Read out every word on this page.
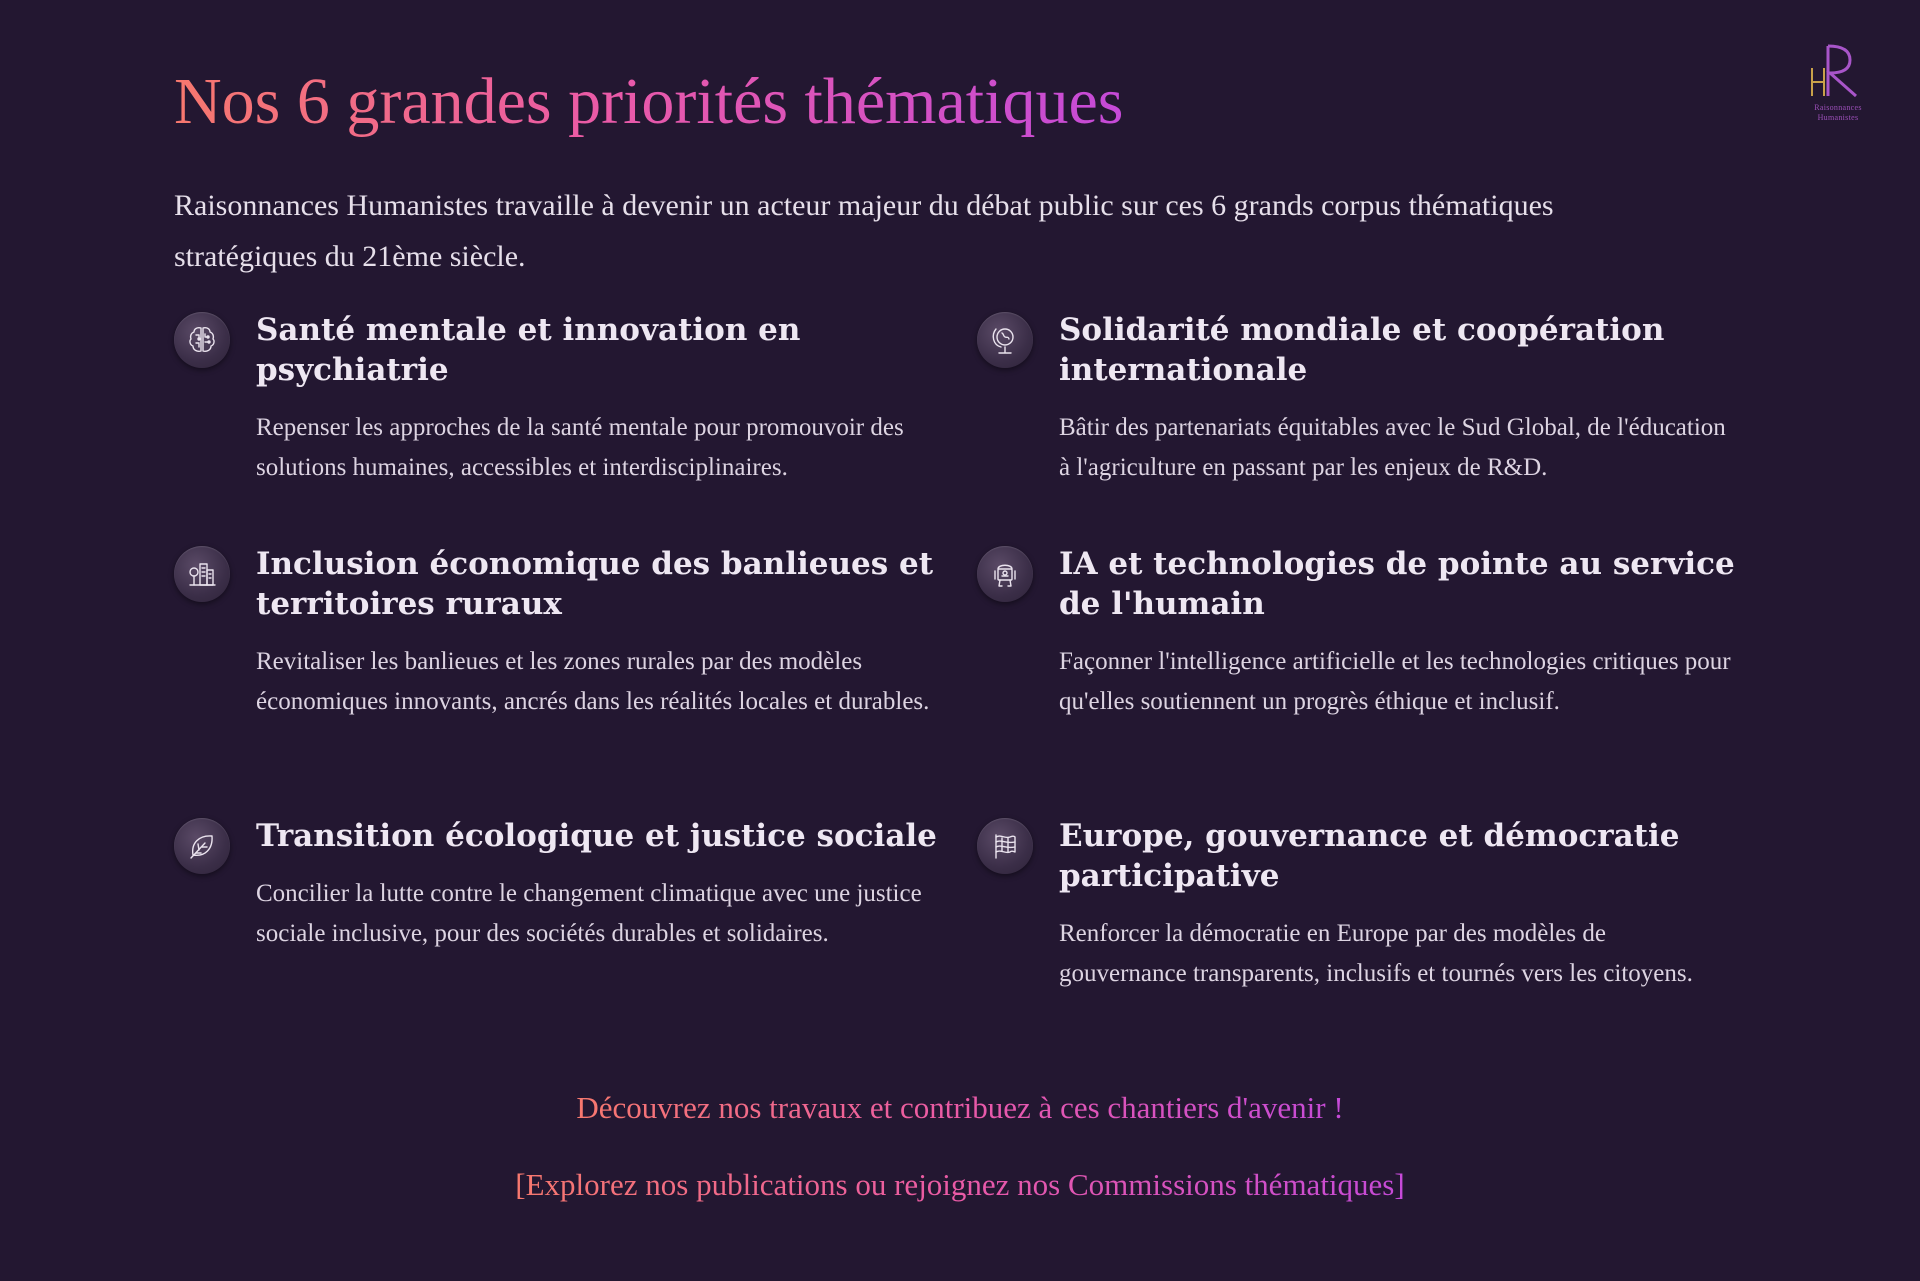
Raisonnances
Humanistes
Nos 6 grandes priorités thématiques
Raisonnances Humanistes travaille à devenir un acteur majeur du débat public sur ces 6 grands corpus thématiques stratégiques du 21ème siècle.
Santé mentale et innovation en psychiatrie
Repenser les approches de la santé mentale pour promouvoir des solutions humaines, accessibles et interdisciplinaires.
Solidarité mondiale et coopération internationale
Bâtir des partenariats équitables avec le Sud Global, de l'éducation à l'agriculture en passant par les enjeux de R&D.
Inclusion économique des banlieues et territoires ruraux
Revitaliser les banlieues et les zones rurales par des modèles économiques innovants, ancrés dans les réalités locales et durables.
IA et technologies de pointe au service de l'humain
Façonner l'intelligence artificielle et les technologies critiques pour qu'elles soutiennent un progrès éthique et inclusif.
Transition écologique et justice sociale
Concilier la lutte contre le changement climatique avec une justice sociale inclusive, pour des sociétés durables et solidaires.
Europe, gouvernance et démocratie participative
Renforcer la démocratie en Europe par des modèles de gouvernance transparents, inclusifs et tournés vers les citoyens.
Découvrez nos travaux et contribuez à ces chantiers d'avenir !
[Explorez nos publications ou rejoignez nos Commissions thématiques]
